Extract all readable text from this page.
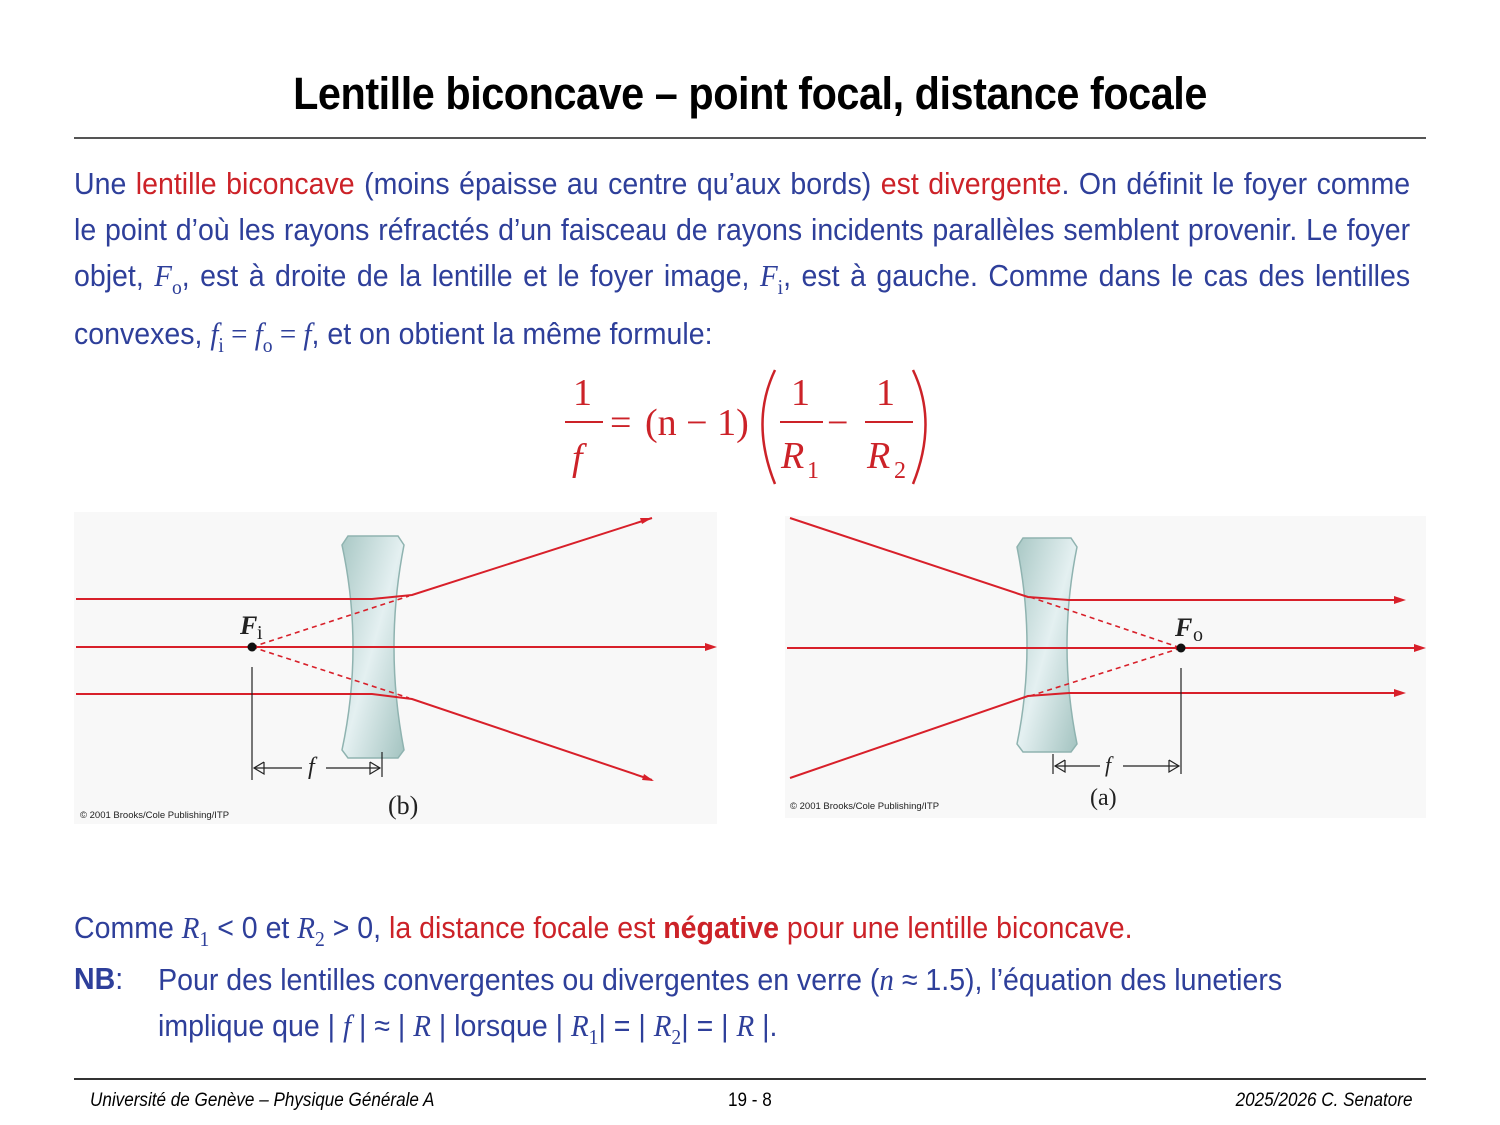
Lentille biconcave – point focal, distance focale
Une lentille biconcave (moins épaisse au centre qu’aux bords) est divergente. On définit le foyer comme le point d’où les rayons réfractés d’un faisceau de rayons incidents parallèles semblent provenir. Le foyer objet, $F_o$, est à droite de la lentille et le foyer image, $F_i$, est à gauche. Comme dans le cas des lentilles convexes, $f_i = f_o = f$, et on obtient la même formule:
1
f
= (n − 1)
1
R 1
−
1
R 2
F i
f
(b)
© 2001 Brooks/Cole Publishing/ITP
F o
f
(a)
© 2001 Brooks/Cole Publishing/ITP
Comme $R_1 < 0$ et $R_2 > 0$, la distance focale est négative pour une lentille biconcave.
NB: Pour des lentilles convergentes ou divergentes en verre (n ≈ 1.5), l’équation des lunetiers
implique que | f | ≈ | R | lorsque | $R_1|$ = | $R_2|$ = | R |.
Université de Genève – Physique Générale A	19 - 8	2025/2026 C. Senatore
